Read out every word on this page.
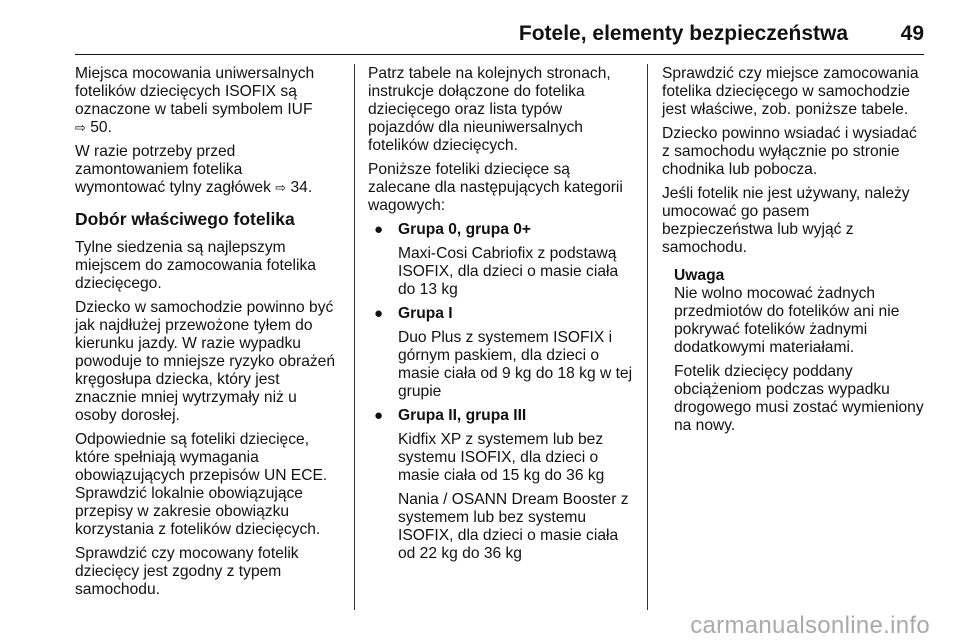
Fotele, elementy bezpieczeństwa	49

Miejsca mocowania uniwersalnych
fotelików dziecięcych ISOFIX są
oznaczone w tabeli symbolem IUF
⇨ 50.

W razie potrzeby przed
zamontowaniem fotelika
wymontować tylny zagłówek ⇨ 34.

Dobór właściwego fotelika

Tylne siedzenia są najlepszym
miejscem do zamocowania fotelika
dziecięcego.

Dziecko w samochodzie powinno być
jak najdłużej przewożone tyłem do
kierunku jazdy. W razie wypadku
powoduje to mniejsze ryzyko obrażeń
kręgosłupa dziecka, który jest
znacznie mniej wytrzymały niż u
osoby dorosłej.

Odpowiednie są foteliki dziecięce,
które spełniają wymagania
obowiązujących przepisów UN ECE.
Sprawdzić lokalnie obowiązujące
przepisy w zakresie obowiązku
korzystania z fotelików dziecięcych.

Sprawdzić czy mocowany fotelik
dziecięcy jest zgodny z typem
samochodu.

Patrz tabele na kolejnych stronach,
instrukcje dołączone do fotelika
dziecięcego oraz lista typów
pojazdów dla nieuniwersalnych
fotelików dziecięcych.

Poniższe foteliki dziecięce są
zalecane dla następujących kategorii
wagowych:

● Grupa 0, grupa 0+
Maxi-Cosi Cabriofix z podstawą
ISOFIX, dla dzieci o masie ciała
do 13 kg
● Grupa I
Duo Plus z systemem ISOFIX i
górnym paskiem, dla dzieci o
masie ciała od 9 kg do 18 kg w tej
grupie
● Grupa II, grupa III
Kidfix XP z systemem lub bez
systemu ISOFIX, dla dzieci o
masie ciała od 15 kg do 36 kg
Nania / OSANN Dream Booster z
systemem lub bez systemu
ISOFIX, dla dzieci o masie ciała
od 22 kg do 36 kg

Sprawdzić czy miejsce zamocowania
fotelika dziecięcego w samochodzie
jest właściwe, zob. poniższe tabele.

Dziecko powinno wsiadać i wysiadać
z samochodu wyłącznie po stronie
chodnika lub pobocza.

Jeśli fotelik nie jest używany, należy
umocować go pasem
bezpieczeństwa lub wyjąć z
samochodu.

Uwaga

Nie wolno mocować żadnych
przedmiotów do fotelików ani nie
pokrywać fotelików żadnymi
dodatkowymi materiałami.

Fotelik dziecięcy poddany
obciążeniom podczas wypadku
drogowego musi zostać wymieniony
na nowy.

carmanualsonline.info
